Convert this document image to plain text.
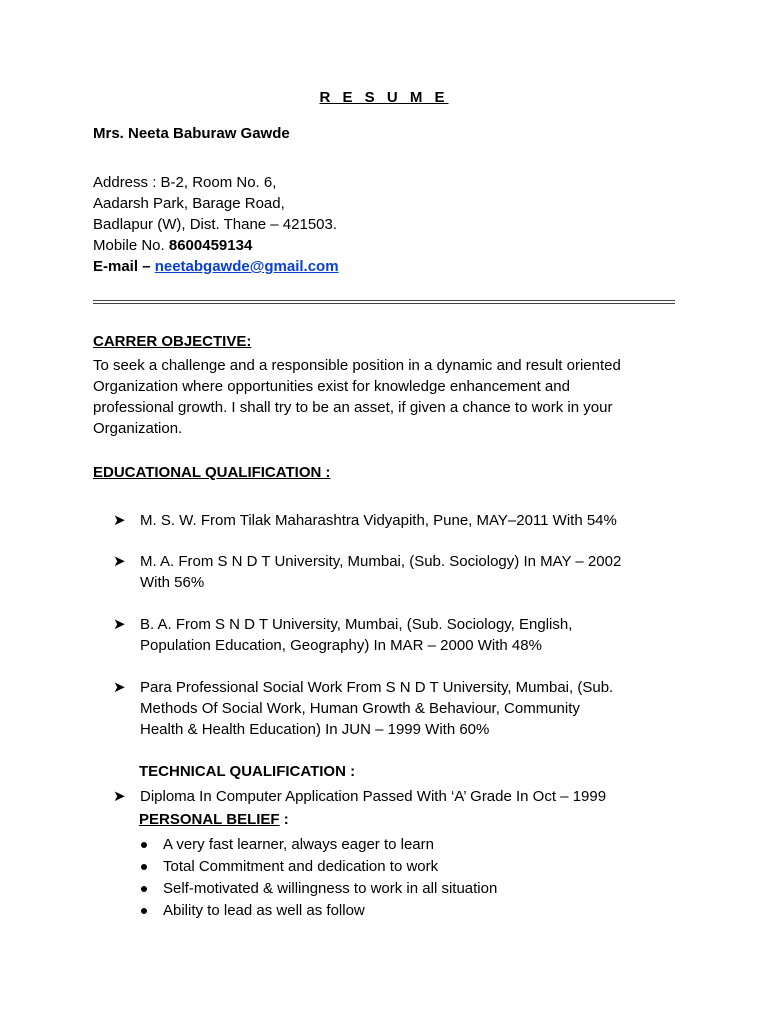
R E S U M E
Mrs. Neeta Baburaw Gawde
Address : B-2, Room No. 6,
Aadarsh Park, Barage Road,
Badlapur (W), Dist. Thane – 421503.
Mobile No. 8600459134
E-mail – neetabgawde@gmail.com
CARRER OBJECTIVE:
To seek a challenge and a responsible position in a dynamic and result oriented
Organization where opportunities exist for knowledge enhancement and
professional growth. I shall try to be an asset, if given a chance to work in your
Organization.
EDUCATIONAL QUALIFICATION :
➤ M. S. W. From Tilak Maharashtra Vidyapith, Pune, MAY–2011 With 54%
➤ M. A. From S N D T University, Mumbai, (Sub. Sociology) In MAY – 2002
With 56%
➤ B. A. From S N D T University, Mumbai, (Sub. Sociology, English,
Population Education, Geography) In MAR – 2000 With 48%
➤ Para Professional Social Work From S N D T University, Mumbai, (Sub.
Methods Of Social Work, Human Growth & Behaviour, Community
Health & Health Education) In JUN – 1999 With 60%
TECHNICAL QUALIFICATION :
➤ Diploma In Computer Application Passed With ‘A’ Grade In Oct – 1999
PERSONAL BELIEF :
A very fast learner, always eager to learn
Total Commitment and dedication to work
Self-motivated & willingness to work in all situation
Ability to lead as well as follow
